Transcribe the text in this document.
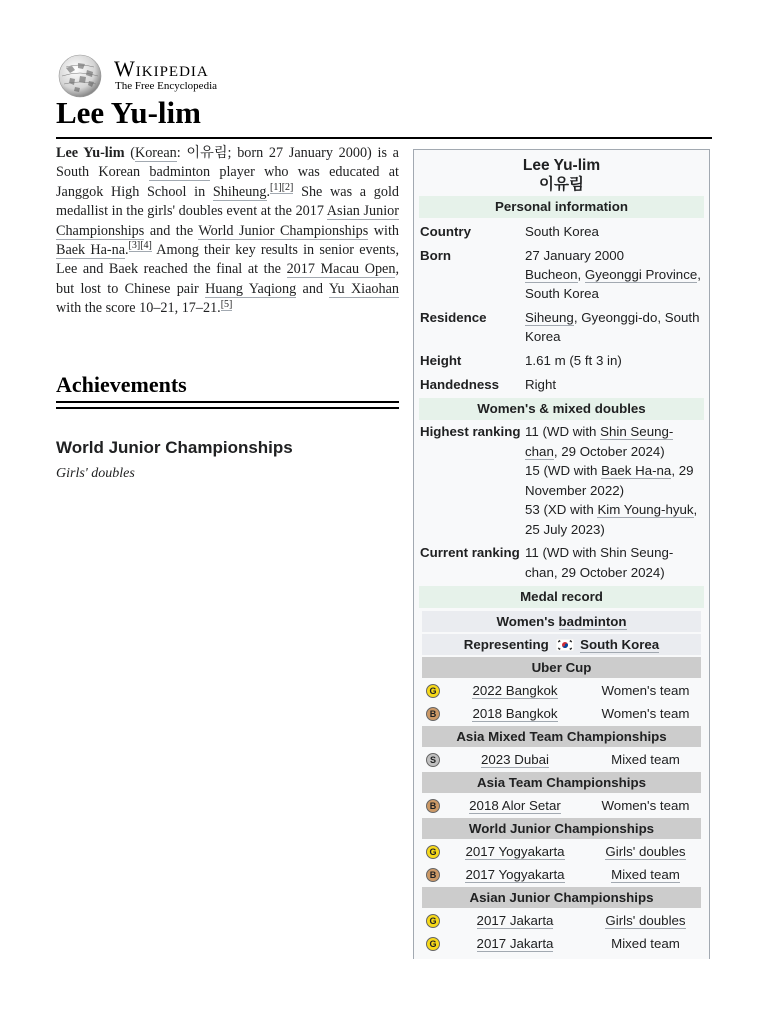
Wikipedia
The Free Encyclopedia
Lee Yu-lim

Lee Yu-lim (Korean: 이유림; born 27 January 2000) is a South Korean badminton player who was educated at Janggok High School in Shiheung.[1][2] She was a gold medallist in the girls' doubles event at the 2017 Asian Junior Championships and the World Junior Championships with Baek Ha-na.[3][4] Among their key results in senior events, Lee and Baek reached the final at the 2017 Macau Open, but lost to Chinese pair Huang Yaqiong and Yu Xiaohan with the score 10–21, 17–21.[5]

Achievements
World Junior Championships
Girls' doubles
Lee Yu-lim
이유림
Personal information
Country	South Korea
Born	27 January 2000

Bucheon, Gyeonggi Province, South Korea

Residence	Siheung, Gyeonggi-do, South Korea
Height	1.61 m (5 ft 3 in)
Handedness	Right
Women's & mixed doubles
Highest ranking 11 (WD with Shin Seung-chan, 29 October 2024)

15 (WD with Baek Ha-na, 29 November 2022)

53 (XD with Kim Young-hyuk, 25 July 2023)

Current ranking 11 (WD with Shin Seung-chan, 29 October 2024)
Medal record
Women's badminton
Representing South Korea
Uber Cup
G	2022 Bangkok	Women's team
B	2018 Bangkok	Women's team
Asia Mixed Team Championships
S	2023 Dubai	Mixed team
Asia Team Championships
B	2018 Alor Setar	Women's team
World Junior Championships
G	2017 Yogyakarta	Girls' doubles
B	2017 Yogyakarta	Mixed team
Asian Junior Championships
G	2017 Jakarta	Girls' doubles
G	2017 Jakarta	Mixed team
